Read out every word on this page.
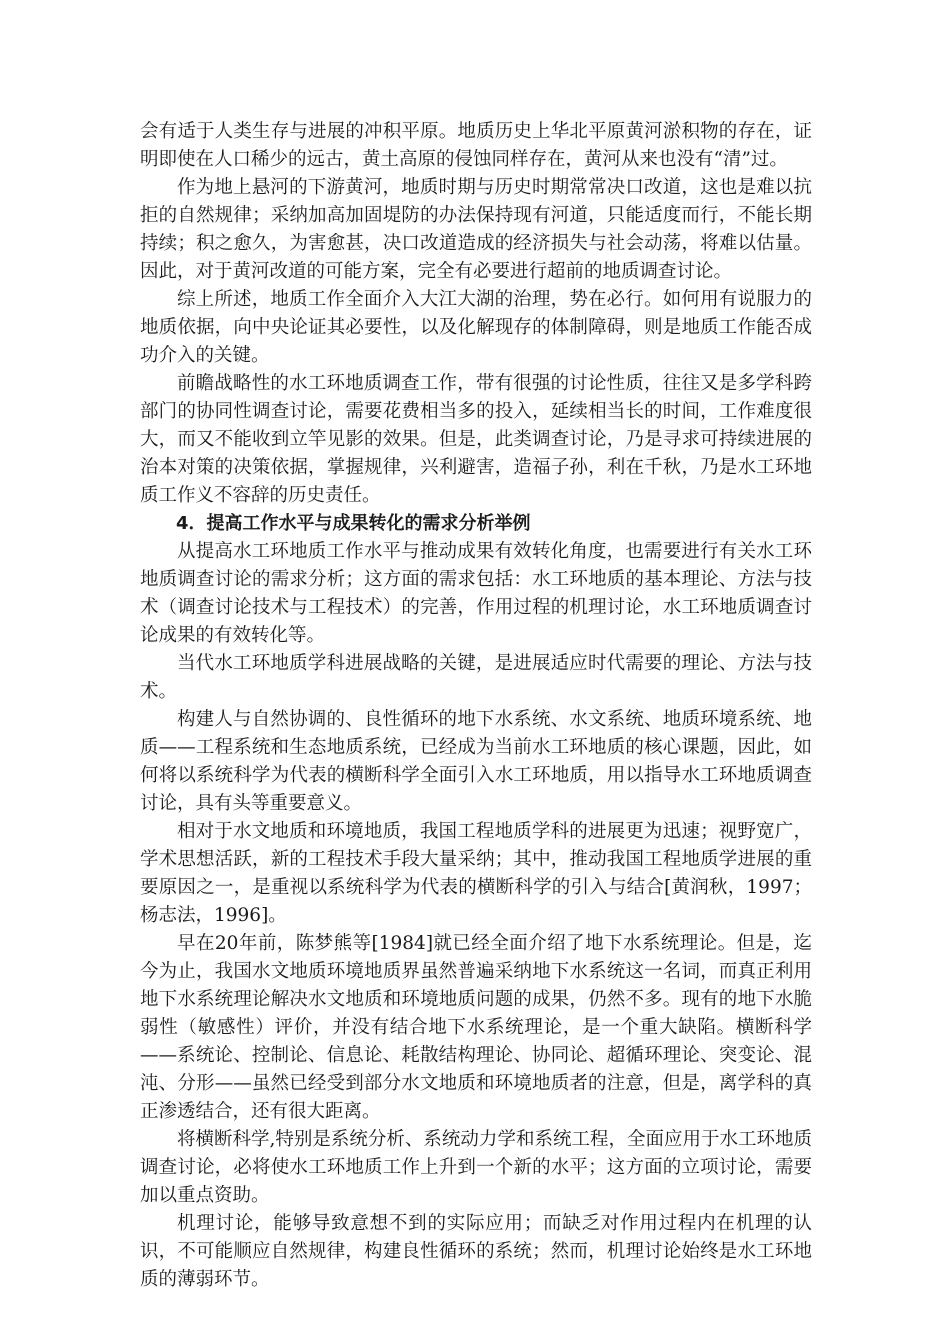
会有适于人类生存与进展的冲积平原。地质历史上华北平原黄河淤积物的存在，证明即使在人口稀少的远古，黄土高原的侵蚀同样存在，黄河从来也没有“清”过。

作为地上悬河的下游黄河，地质时期与历史时期常常决口改道，这也是难以抗拒的自然规律；采纳加高加固堤防的办法保持现有河道，只能适度而行，不能长期持续；积之愈久，为害愈甚，决口改道造成的经济损失与社会动荡，将难以估量。因此，对于黄河改道的可能方案，完全有必要进行超前的地质调查讨论。

综上所述，地质工作全面介入大江大湖的治理，势在必行。如何用有说服力的地质依据，向中央论证其必要性，以及化解现存的体制障碍，则是地质工作能否成功介入的关键。

前瞻战略性的水工环地质调查工作，带有很强的讨论性质，往往又是多学科跨部门的协同性调查讨论，需要花费相当多的投入，延续相当长的时间，工作难度很大，而又不能收到立竿见影的效果。但是，此类调查讨论，乃是寻求可持续进展的治本对策的决策依据，掌握规律，兴利避害，造福子孙，利在千秋，乃是水工环地质工作义不容辞的历史责任。

4．提高工作水平与成果转化的需求分析举例

从提高水工环地质工作水平与推动成果有效转化角度，也需要进行有关水工环地质调查讨论的需求分析；这方面的需求包括：水工环地质的基本理论、方法与技术（调查讨论技术与工程技术）的完善，作用过程的机理讨论，水工环地质调查讨论成果的有效转化等。

当代水工环地质学科进展战略的关键，是进展适应时代需要的理论、方法与技术。

构建人与自然协调的、良性循环的地下水系统、水文系统、地质环境系统、地质——工程系统和生态地质系统，已经成为当前水工环地质的核心课题，因此，如何将以系统科学为代表的横断科学全面引入水工环地质，用以指导水工环地质调查讨论，具有头等重要意义。

相对于水文地质和环境地质，我国工程地质学科的进展更为迅速；视野宽广，学术思想活跃，新的工程技术手段大量采纳；其中，推动我国工程地质学进展的重要原因之一，是重视以系统科学为代表的横断科学的引入与结合[黄润秋，1997；杨志法，1996]。

早在20年前，陈梦熊等[1984]就已经全面介绍了地下水系统理论。但是，迄今为止，我国水文地质环境地质界虽然普遍采纳地下水系统这一名词，而真正利用地下水系统理论解决水文地质和环境地质问题的成果，仍然不多。现有的地下水脆弱性（敏感性）评价，并没有结合地下水系统理论，是一个重大缺陷。横断科学——系统论、控制论、信息论、耗散结构理论、协同论、超循环理论、突变论、混沌、分形——虽然已经受到部分水文地质和环境地质者的注意，但是，离学科的真正渗透结合，还有很大距离。

将横断科学,特别是系统分析、系统动力学和系统工程，全面应用于水工环地质调查讨论，必将使水工环地质工作上升到一个新的水平；这方面的立项讨论，需要加以重点资助。

机理讨论，能够导致意想不到的实际应用；而缺乏对作用过程内在机理的认识，不可能顺应自然规律，构建良性循环的系统；然而，机理讨论始终是水工环地质的薄弱环节。
